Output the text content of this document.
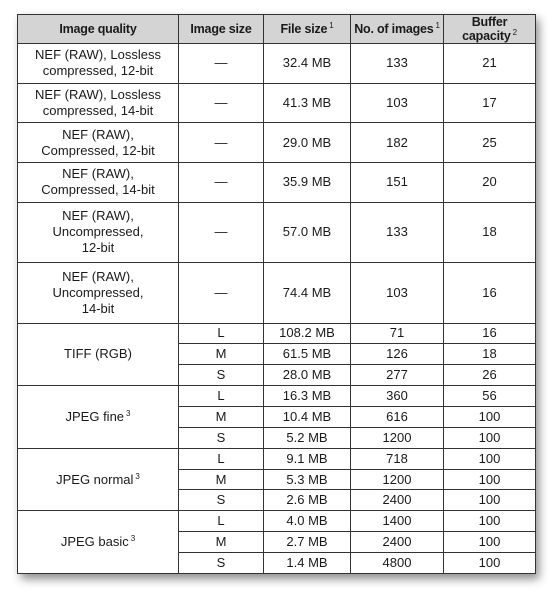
Image quality	Image size	File size $^1$	No. of images $^1$	Buffer capacity $^2$
NEF (RAW), Lossless
compressed, 12-bit	—	32.4 MB	133	21
NEF (RAW), Lossless
compressed, 14-bit	—	41.3 MB	103	17
NEF (RAW),
Compressed, 12-bit	—	29.0 MB	182	25
NEF (RAW),
Compressed, 14-bit	—	35.9 MB	151	20
NEF (RAW),
Uncompressed,
12-bit	—	57.0 MB	133	18
NEF (RAW),
Uncompressed,
14-bit	—	74.4 MB	103	16
TIFF (RGB)	L	108.2 MB	71	16
	M	61.5 MB	126	18
	S	28.0 MB	277	26
JPEG fine $^3$	L	16.3 MB	360	56
	M	10.4 MB	616	100
	S	5.2 MB	1200	100
JPEG normal $^3$	L	9.1 MB	718	100
	M	5.3 MB	1200	100
	S	2.6 MB	2400	100
JPEG basic $^3$	L	4.0 MB	1400	100
	M	2.7 MB	2400	100
	S	1.4 MB	4800	100
